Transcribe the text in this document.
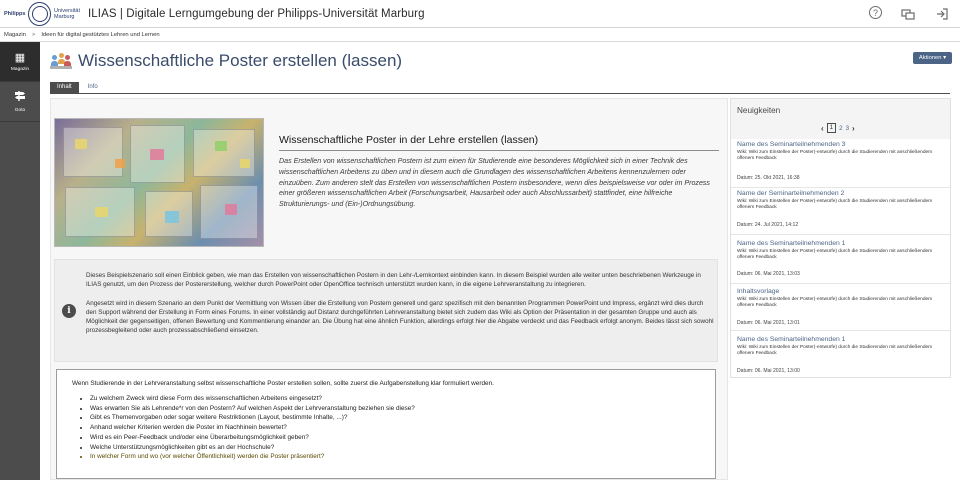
Philipps	Universität
Marburg	ILIAS | Digitale Lerngumgebung der Philipps-Universität Marburg	?
Magazin > Ideen für digital gestütztes Lehren und Lernen
▦
Magazin
Goto
Wissenschaftliche Poster erstellen (lassen)	Aktionen ▾
Inhalt	Info
Wissenschaftliche Poster in der Lehre erstellen (lassen)
Das Erstellen von wissenschaftlichen Postern ist zum einen für Studierende eine besonderes Möglichkeit sich in einer Technik des wissenschaftlichen Arbeitens zu üben und in diesem auch die Grundlagen des wissenschaftlichen Arbeitens kennenzulernen oder einzuüben. Zum anderen stelt das Erstellen von wissenschaftlichen Postern insbesondere, wenn dies beispielsweise vor oder im Prozess einer größeren wissenschaftlichen Arbeit (Forschungsarbeit, Hausarbeit oder auch Abschlussarbeit) stattfindet, eine hilfreiche Strukturierungs- und (Ein-)Ordnungsübung.
i

Dieses Beispielszenario soll einen Einblick geben, wie man das Erstellen von wissenschaftlichen Postern in den Lehr-/Lernkontext einbinden kann. In diesem Beispiel wurden alle weiter unten beschriebenen Werkzeuge in ILIAS genutzt, um den Prozess der Postererstellung, welcher durch PowerPoint oder OpenOffice technisch unterstützt wurden kann, in die eigene Lehrveranstaltung zu integrieren.

Angesetzt wird in diesem Szenario an dem Punkt der Vermittlung von Wissen über die Erstellung von Postern generell und ganz spezifisch mit den benannten Programmen PowerPoint und Impress, ergänzt wird dies durch den Support während der Erstellung in Form eines Forums. In einer vollständig auf Distanz durchgeführten Lehrveranstaltung bietet sich zudem das Wiki als Option der Präsentation in der gesamten Gruppe und auch als Möglichkeit der gegenseitigen, offenen Bewertung und Kommentierung einander an. Die Übung hat eine ähnlich Funktion, allerdings erfolgt hier die Abgabe verdeckt und das Feedback erfolgt anonym. Beides lässt sich sowohl prozessbegleitend oder auch prozessabschließend einsetzen.

Wenn Studierende in der Lehrveranstaltung selbst wissenschaftliche Poster erstellen sollen, sollte zuerst die Aufgabenstellung klar formuliert werden.
• Zu welchem Zweck wird diese Form des wissenschaftlichen Arbeitens eingesetzt?
• Was erwarten Sie als Lehrende*r von den Postern? Auf welchen Aspekt der Lehrveranstaltung beziehen sie diese?
• Gibt es Themenvorgaben oder sogar weitere Restriktionen (Layout, bestimmte Inhalte, ...)?
• Anhand welcher Kriterien werden die Poster im Nachhinein bewertet?
• Wird es ein Peer-Feedback und/oder eine Überarbeitungsmöglichkeit geben?
• Welche Unterstützungsmöglichkeiten gibt es an der Hochschule?
• In welcher Form und wo (vor welcher Öffentlichkeit) werden die Poster präsentiert?
Neuigkeiten
‹ 1 2 3 ›
Name des Seminarteilnehmenden 3
Wiki: Wiki zum Einstellen der Poster(-entwürfe) durch die Studierenden mit anschließendem offenem Feedback
Datum: 25. Okt 2021, 16:38
Name der Seminarteilnehmenden 2
Wiki: Wiki zum Einstellen der Poster(-entwürfe) durch die Studierenden mit anschließendem offenem Feedback
Datum: 24. Jul 2021, 14:12
Name des Seminarteilnehmenden 1
Wiki: Wiki zum Einstellen der Poster(-entwürfe) durch die Studierenden mit anschließendem offenem Feedback
Datum: 06. Mai 2021, 13:03
Inhaltsvorlage
Wiki: Wiki zum Einstellen der Poster(-entwürfe) durch die Studierenden mit anschließendem offenem Feedback
Datum: 06. Mai 2021, 13:01
Name des Seminarteilnehmenden 1
Wiki: Wiki zum Einstellen der Poster(-entwürfe) durch die Studierenden mit anschließendem offenem Feedback
Datum: 06. Mai 2021, 13:00
